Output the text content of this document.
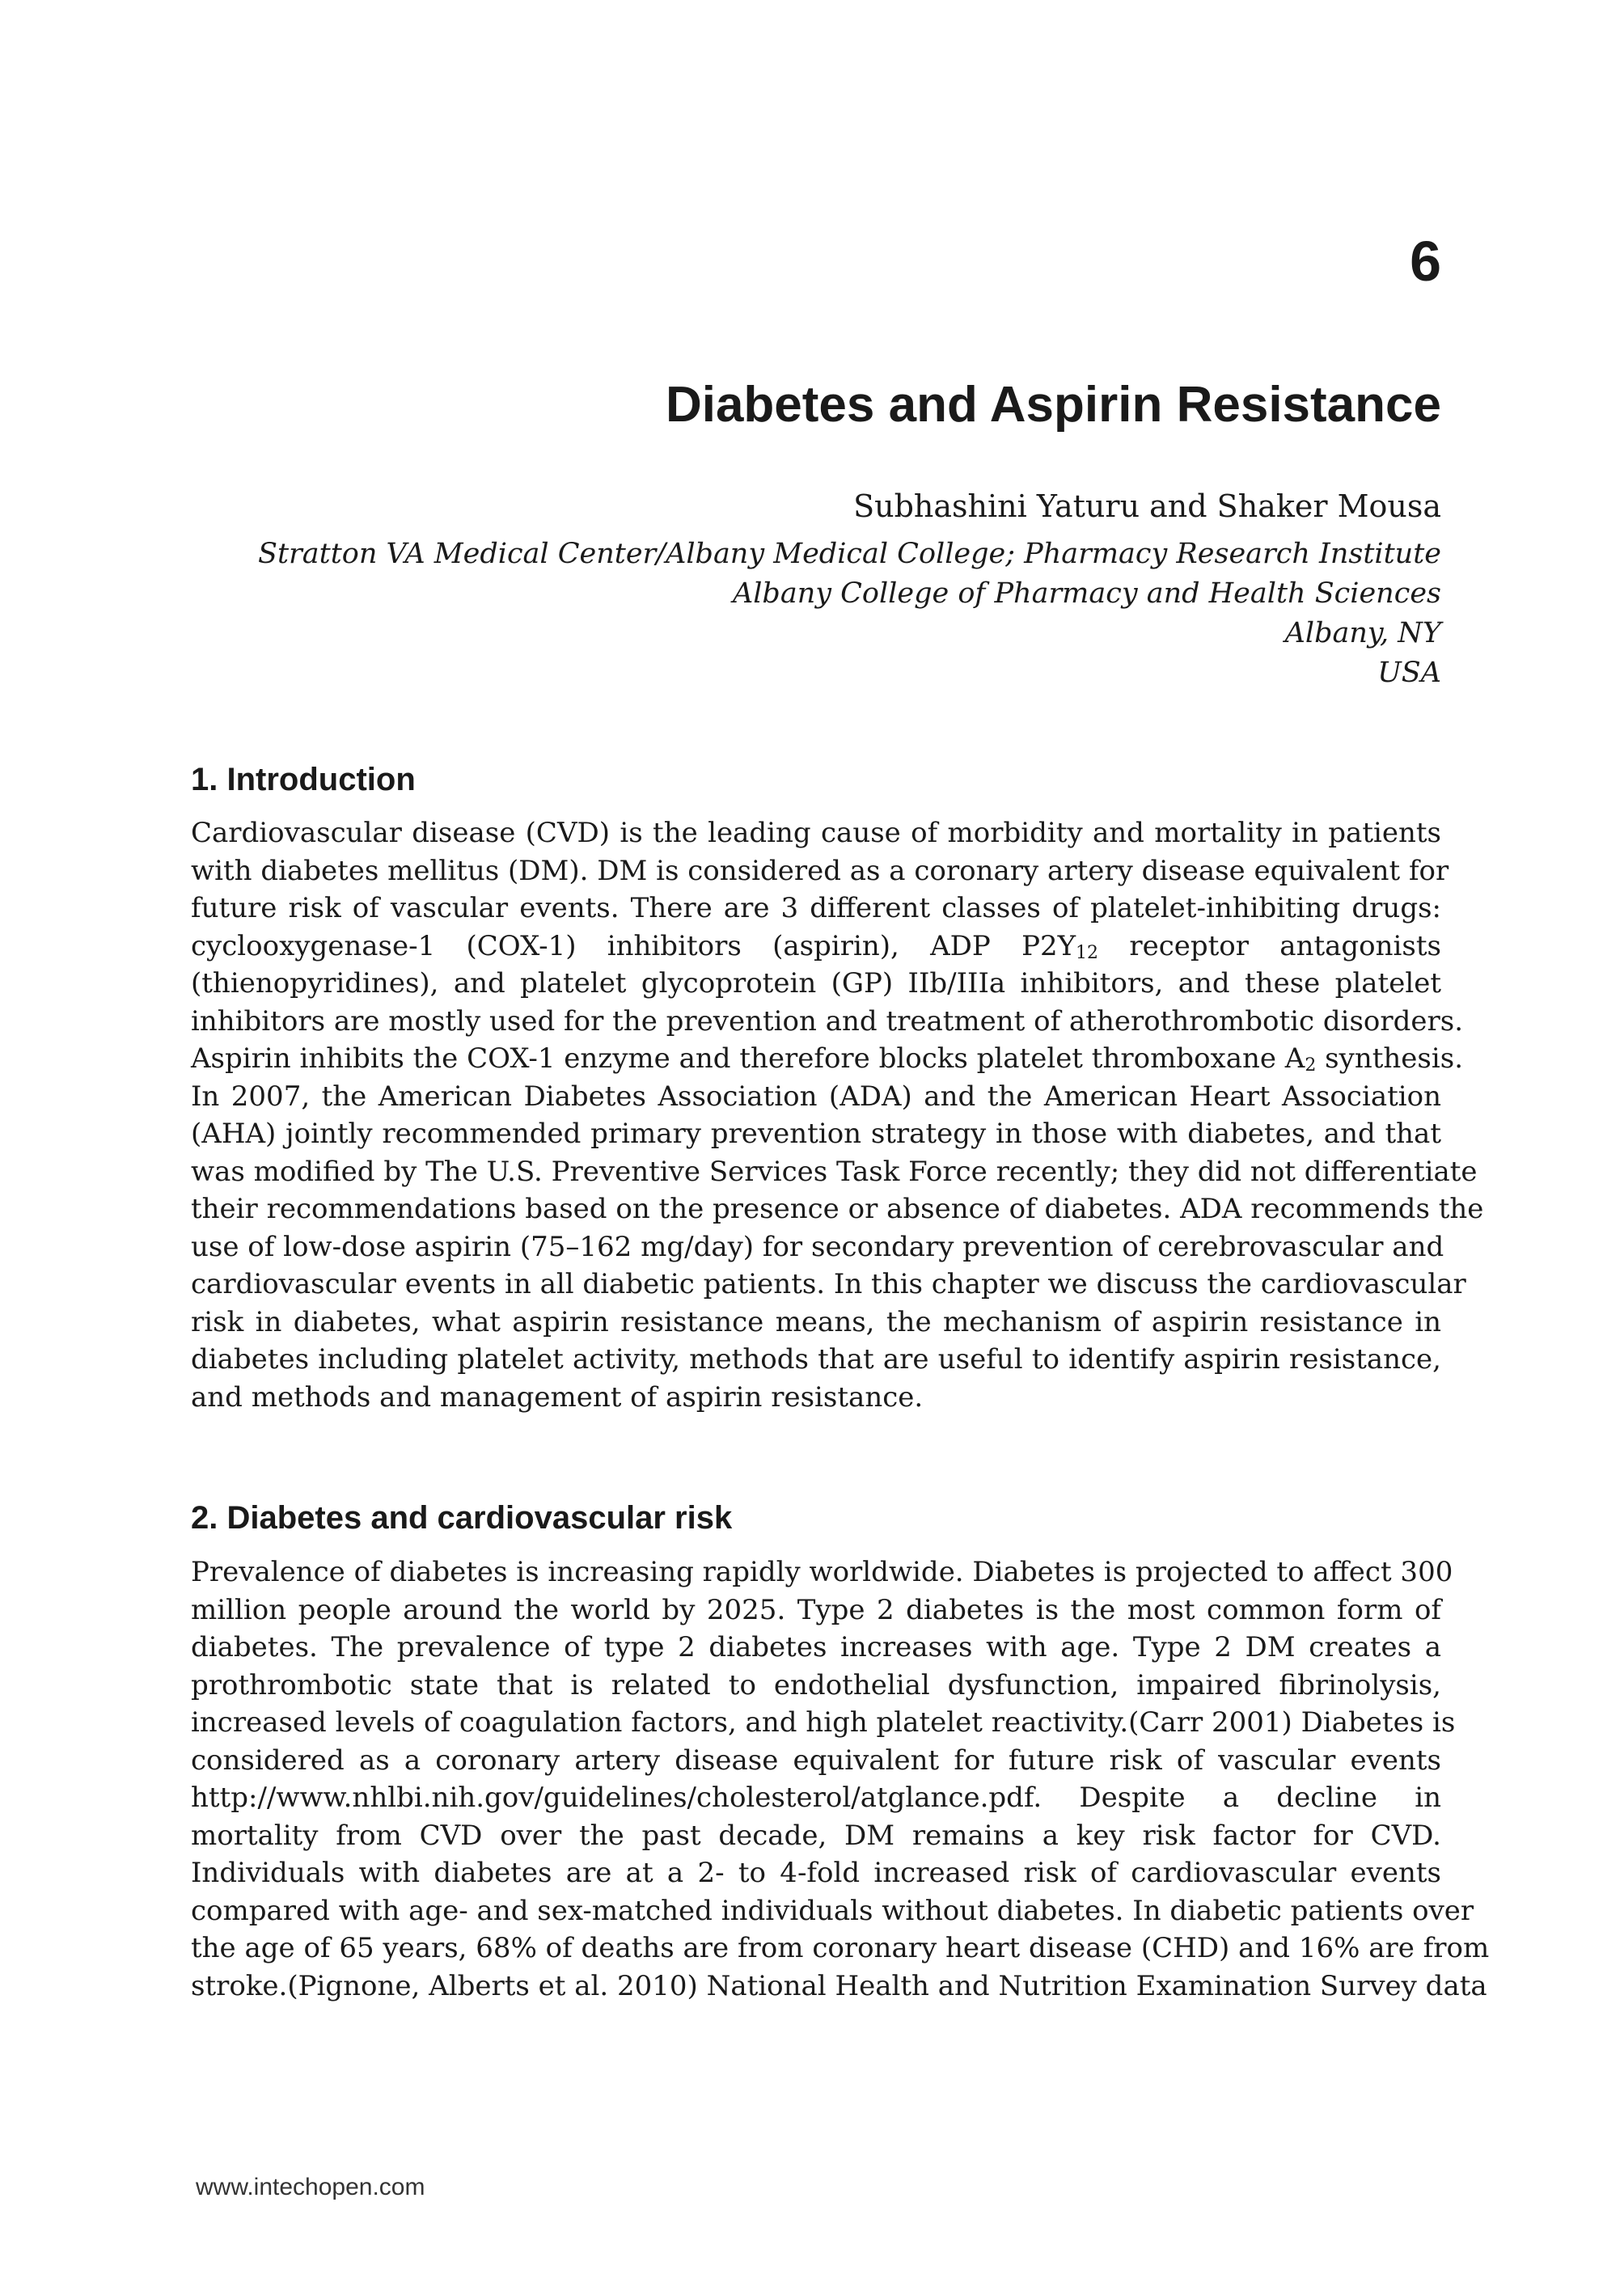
6
Diabetes and Aspirin Resistance

Subhashini Yaturu and Shaker Mousa

Stratton VA Medical Center/Albany Medical College; Pharmacy Research Institute
Albany College of Pharmacy and Health Sciences
Albany, NY
USA
1. Introduction
Cardiovascular disease (CVD) is the leading cause of morbidity and mortality in patients
with diabetes mellitus (DM). DM is considered as a coronary artery disease equivalent for
future risk of vascular events. There are 3 different classes of platelet-inhibiting drugs:
cyclooxygenase-1 (COX-1) inhibitors (aspirin), ADP $P2Y_{12}$ receptor antagonists
(thienopyridines), and platelet glycoprotein (GP) IIb/IIIa inhibitors, and these platelet
inhibitors are mostly used for the prevention and treatment of atherothrombotic disorders.
Aspirin inhibits the COX-1 enzyme and therefore blocks platelet thromboxane $A_2$ synthesis.
In 2007, the American Diabetes Association (ADA) and the American Heart Association
(AHA) jointly recommended primary prevention strategy in those with diabetes, and that
was modified by The U.S. Preventive Services Task Force recently; they did not differentiate
their recommendations based on the presence or absence of diabetes. ADA recommends the
use of low-dose aspirin (75–162 mg/day) for secondary prevention of cerebrovascular and
cardiovascular events in all diabetic patients. In this chapter we discuss the cardiovascular
risk in diabetes, what aspirin resistance means, the mechanism of aspirin resistance in
diabetes including platelet activity, methods that are useful to identify aspirin resistance,
and methods and management of aspirin resistance.
2. Diabetes and cardiovascular risk
Prevalence of diabetes is increasing rapidly worldwide. Diabetes is projected to affect 300
million people around the world by 2025. Type 2 diabetes is the most common form of
diabetes. The prevalence of type 2 diabetes increases with age. Type 2 DM creates a
prothrombotic state that is related to endothelial dysfunction, impaired fibrinolysis,
increased levels of coagulation factors, and high platelet reactivity.(Carr 2001) Diabetes is
considered as a coronary artery disease equivalent for future risk of vascular events
http://www.nhlbi.nih.gov/guidelines/cholesterol/atglance.pdf. Despite a decline in
mortality from CVD over the past decade, DM remains a key risk factor for CVD.
Individuals with diabetes are at a 2- to 4-fold increased risk of cardiovascular events
compared with age- and sex-matched individuals without diabetes. In diabetic patients over
the age of 65 years, 68% of deaths are from coronary heart disease (CHD) and 16% are from
stroke.(Pignone, Alberts et al. 2010) National Health and Nutrition Examination Survey data

www.intechopen.com
